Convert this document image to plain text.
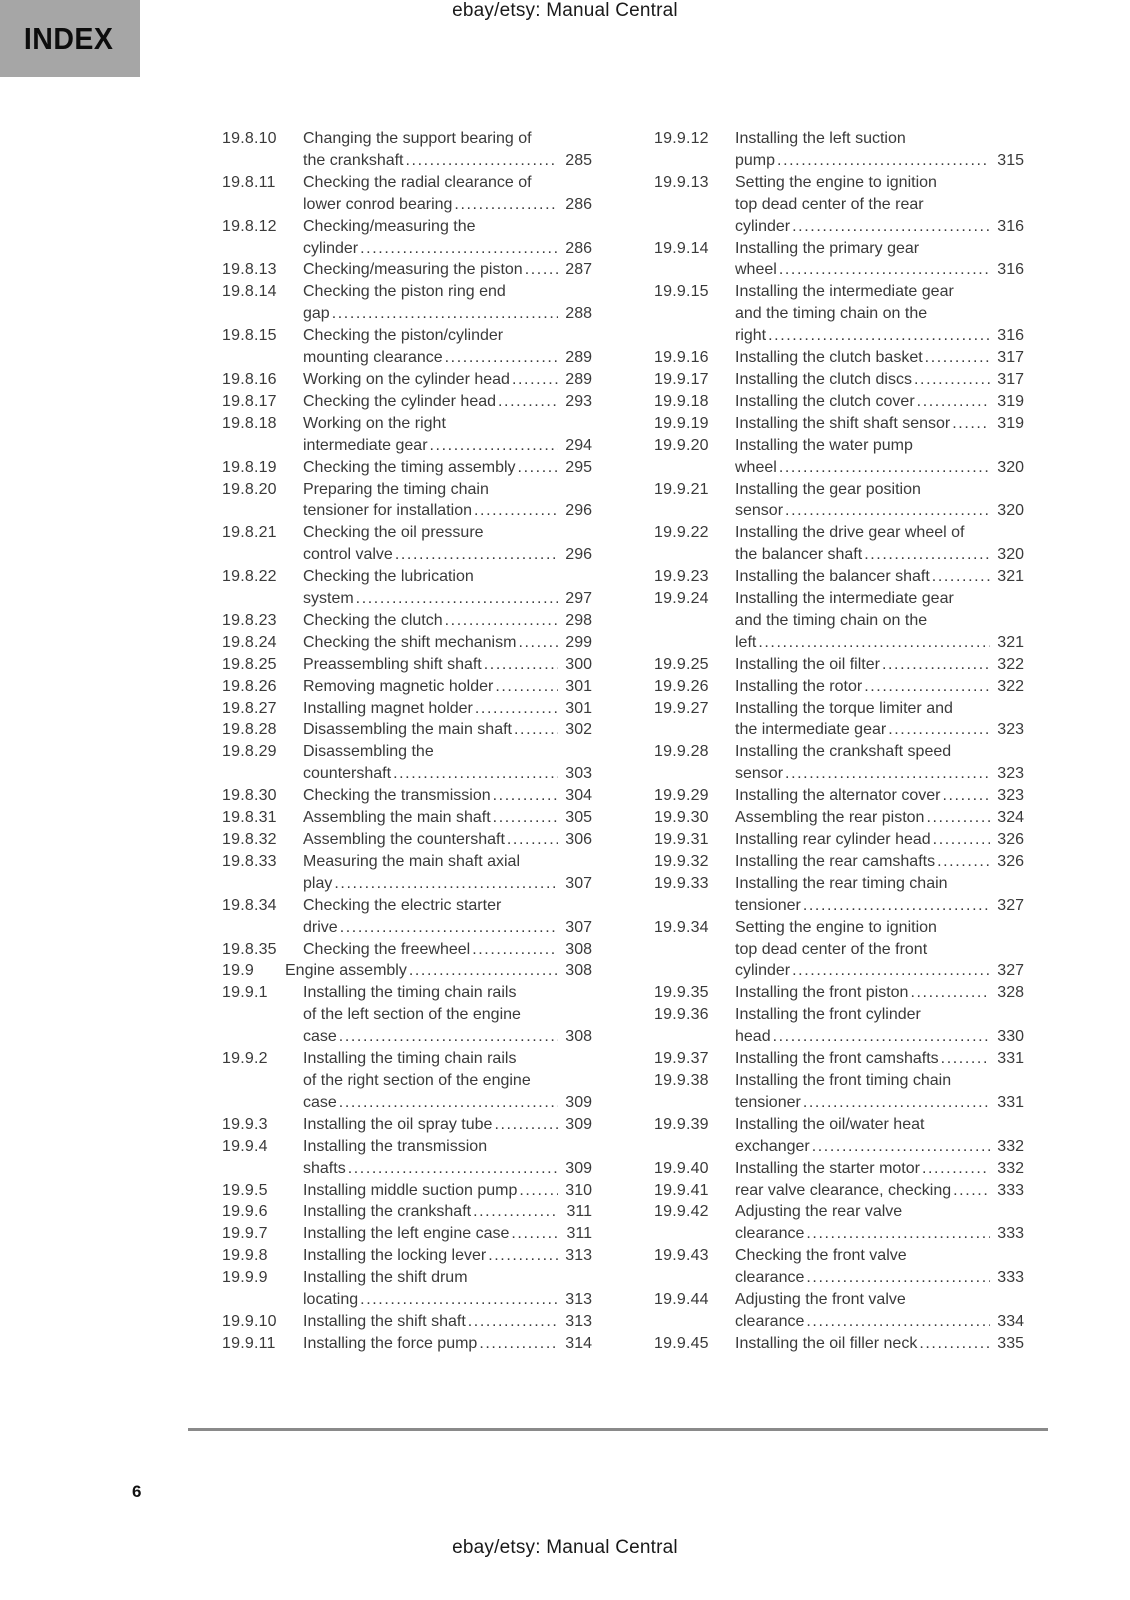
ebay/etsy: Manual Central
INDEX
19.8.10	Changing the support bearing of
the crankshaft .....	285
19.8.11	Checking the radial clearance of
lower conrod bearing .....	286
19.8.12	Checking/measuring the
cylinder .....	286
19.8.13	Checking/measuring the piston .....	287
19.8.14	Checking the piston ring end
gap .....	288
19.8.15	Checking the piston/cylinder
mounting clearance .....	289
19.8.16	Working on the cylinder head .....	289
19.8.17	Checking the cylinder head .....	293
19.8.18	Working on the right
intermediate gear .....	294
19.8.19	Checking the timing assembly .....	295
19.8.20	Preparing the timing chain
tensioner for installation .....	296
19.8.21	Checking the oil pressure
control valve .....	296
19.8.22	Checking the lubrication
system .....	297
19.8.23	Checking the clutch .....	298
19.8.24	Checking the shift mechanism .....	299
19.8.25	Preassembling shift shaft .....	300
19.8.26	Removing magnetic holder .....	301
19.8.27	Installing magnet holder .....	301
19.8.28	Disassembling the main shaft .....	302
19.8.29	Disassembling the
countershaft .....	303
19.8.30	Checking the transmission .....	304
19.8.31	Assembling the main shaft .....	305
19.8.32	Assembling the countershaft .....	306
19.8.33	Measuring the main shaft axial
play .....	307
19.8.34	Checking the electric starter
drive .....	307
19.8.35	Checking the freewheel .....	308
19.9	Engine assembly .....	308
19.9.1	Installing the timing chain rails
of the left section of the engine
case .....	308
19.9.2	Installing the timing chain rails
of the right section of the engine
case .....	309
19.9.3	Installing the oil spray tube .....	309
19.9.4	Installing the transmission
shafts .....	309
19.9.5	Installing middle suction pump .....	310
19.9.6	Installing the crankshaft .....	311
19.9.7	Installing the left engine case .....	311
19.9.8	Installing the locking lever .....	313
19.9.9	Installing the shift drum
locating .....	313
19.9.10	Installing the shift shaft .....	313
19.9.11	Installing the force pump .....	314
19.9.12	Installing the left suction
pump .....	315
19.9.13	Setting the engine to ignition
top dead center of the rear
cylinder .....	316
19.9.14	Installing the primary gear
wheel .....	316
19.9.15	Installing the intermediate gear
and the timing chain on the
right .....	316
19.9.16	Installing the clutch basket .....	317
19.9.17	Installing the clutch discs .....	317
19.9.18	Installing the clutch cover .....	319
19.9.19	Installing the shift shaft sensor .....	319
19.9.20	Installing the water pump
wheel .....	320
19.9.21	Installing the gear position
sensor .....	320
19.9.22	Installing the drive gear wheel of
the balancer shaft .....	320
19.9.23	Installing the balancer shaft .....	321
19.9.24	Installing the intermediate gear
and the timing chain on the
left .....	321
19.9.25	Installing the oil filter .....	322
19.9.26	Installing the rotor .....	322
19.9.27	Installing the torque limiter and
the intermediate gear .....	323
19.9.28	Installing the crankshaft speed
sensor .....	323
19.9.29	Installing the alternator cover .....	323
19.9.30	Assembling the rear piston .....	324
19.9.31	Installing rear cylinder head .....	326
19.9.32	Installing the rear camshafts .....	326
19.9.33	Installing the rear timing chain
tensioner .....	327
19.9.34	Setting the engine to ignition
top dead center of the front
cylinder .....	327
19.9.35	Installing the front piston .....	328
19.9.36	Installing the front cylinder
head .....	330
19.9.37	Installing the front camshafts .....	331
19.9.38	Installing the front timing chain
tensioner .....	331
19.9.39	Installing the oil/water heat
exchanger .....	332
19.9.40	Installing the starter motor .....	332
19.9.41	rear valve clearance, checking .....	333
19.9.42	Adjusting the rear valve
clearance .....	333
19.9.43	Checking the front valve
clearance .....	333
19.9.44	Adjusting the front valve
clearance .....	334
19.9.45	Installing the oil filler neck .....	335
6
ebay/etsy: Manual Central
